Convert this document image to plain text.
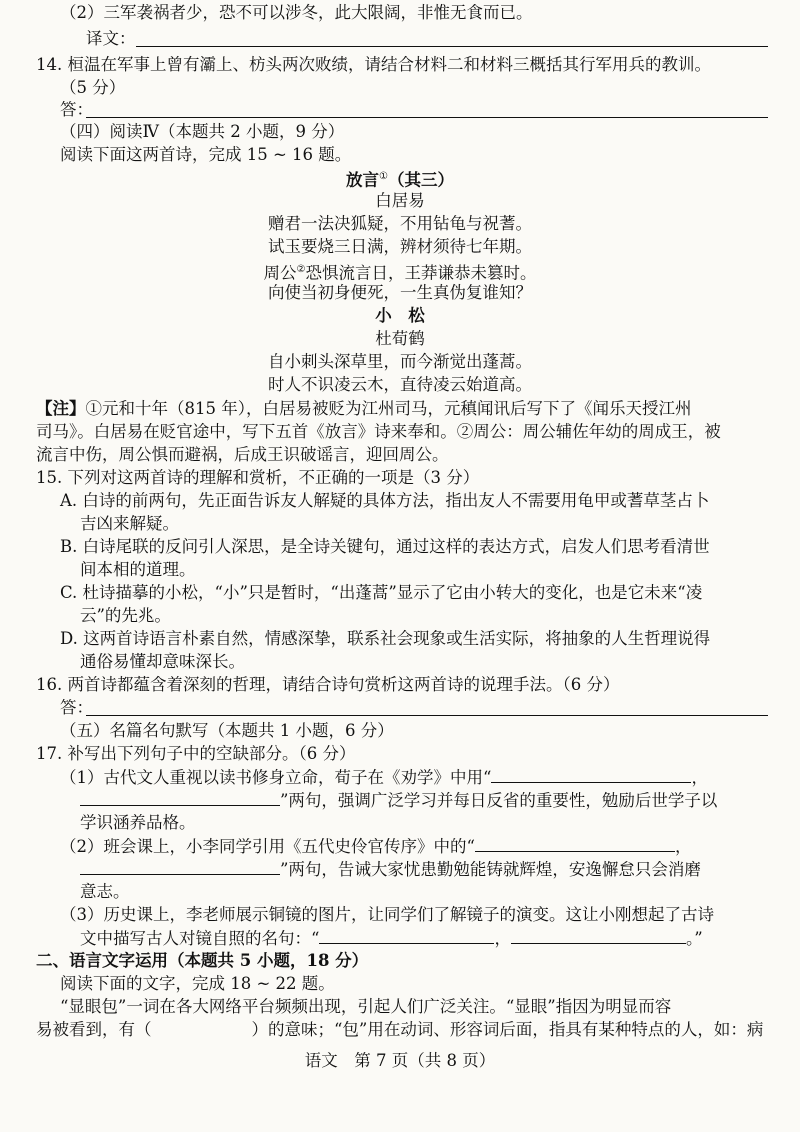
（2）三军袭祸者少，恐不可以涉冬，此大限阔，非惟无食而已。
译文：
14. 桓温在军事上曾有灞上、枋头两次败绩，请结合材料二和材料三概括其行军用兵的教训。
（5 分）
答：
（四）阅读Ⅳ（本题共 2 小题，9 分）
阅读下面这两首诗，完成 15 ~ 16 题。
放言①（其三）
白居易
赠君一法决狐疑，不用钻龟与祝蓍。
试玉要烧三日满，辨材须待七年期。
周公②恐惧流言日，王莽谦恭未篡时。
向使当初身便死，一生真伪复谁知？
小　松
杜荀鹤
自小刺头深草里，而今渐觉出蓬蒿。
时人不识凌云木，直待凌云始道高。
【注】①元和十年（815 年），白居易被贬为江州司马，元稹闻讯后写下了《闻乐天授江州
司马》。白居易在贬官途中，写下五首《放言》诗来奉和。②周公：周公辅佐年幼的周成王，被
流言中伤，周公惧而避祸，后成王识破谣言，迎回周公。
15. 下列对这两首诗的理解和赏析，不正确的一项是（3 分）
A. 白诗的前两句，先正面告诉友人解疑的具体方法，指出友人不需要用龟甲或蓍草茎占卜
吉凶来解疑。
B. 白诗尾联的反问引人深思，是全诗关键句，通过这样的表达方式，启发人们思考看清世
间本相的道理。
C. 杜诗描摹的小松，“小”只是暂时，“出蓬蒿”显示了它由小转大的变化，也是它未来“凌
云”的先兆。
D. 这两首诗语言朴素自然，情感深挚，联系社会现象或生活实际，将抽象的人生哲理说得
通俗易懂却意味深长。
16. 两首诗都蕴含着深刻的哲理，请结合诗句赏析这两首诗的说理手法。（6 分）
答：
（五）名篇名句默写（本题共 1 小题，6 分）
17. 补写出下列句子中的空缺部分。（6 分）
（1）古代文人重视以读书修身立命，荀子在《劝学》中用“	，
”两句，强调广泛学习并每日反省的重要性，勉励后世学子以
学识涵养品格。
（2）班会课上，小李同学引用《五代史伶官传序》中的“	，
”两句，告诫大家忧患勤勉能铸就辉煌，安逸懈怠只会消磨
意志。
（3）历史课上，李老师展示铜镜的图片，让同学们了解镜子的演变。这让小刚想起了古诗
文中描写古人对镜自照的名句：“	，	。”
二、语言文字运用（本题共 5 小题，18 分）
阅读下面的文字，完成 18 ~ 22 题。
“显眼包”一词在各大网络平台频频出现，引起人们广泛关注。“显眼”指因为明显而容
易被看到，有（	）的意味；“包”用在动词、形容词后面，指具有某种特点的人，如：病
语文　第 7 页（共 8 页）
